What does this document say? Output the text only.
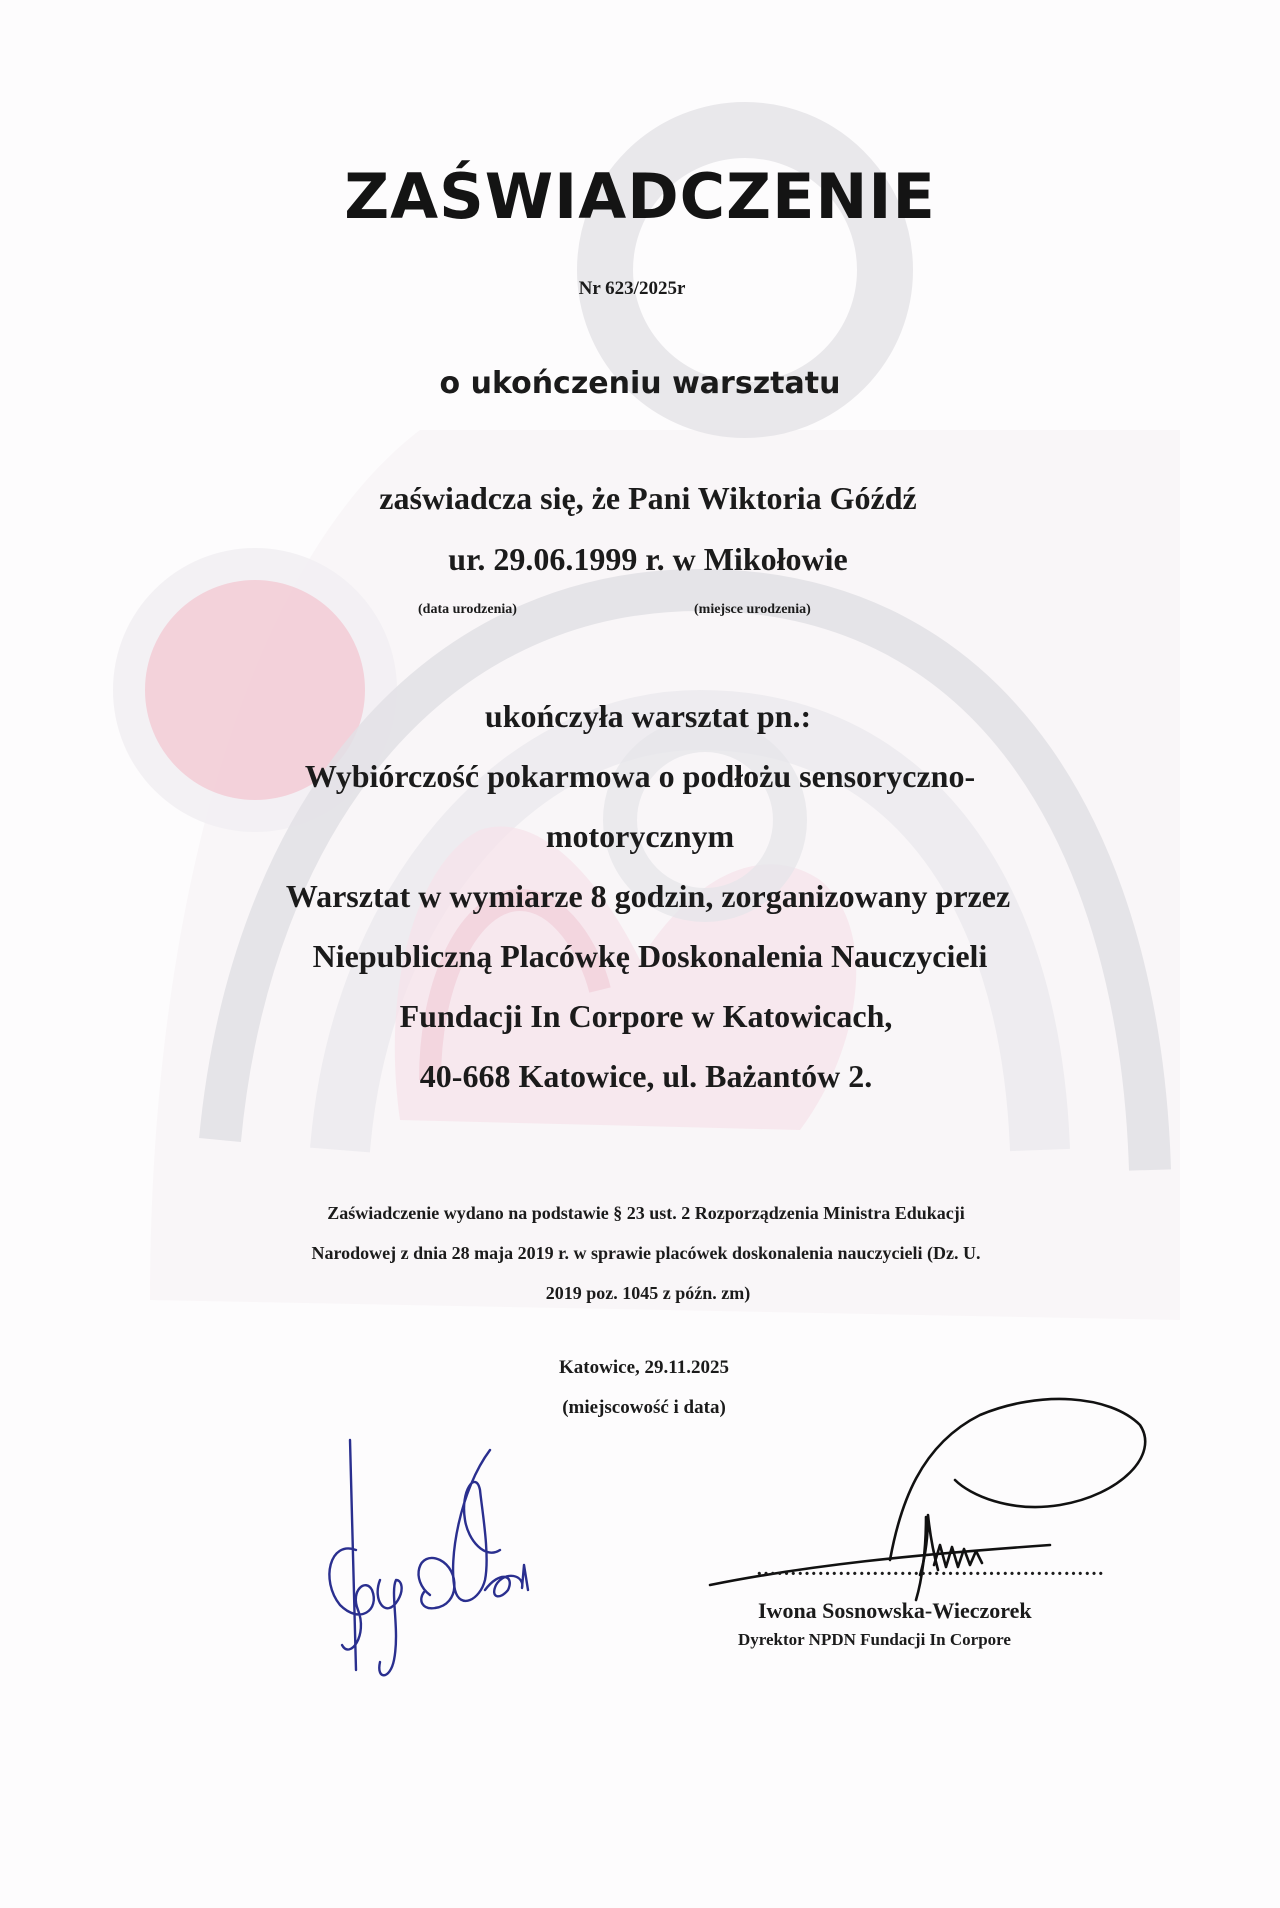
ZAŚWIADCZENIE
Nr 623/2025r
o ukończeniu warsztatu
zaświadcza się, że Pani Wiktoria Góźdź
ur. 29.06.1999 r. w Mikołowie
(data urodzenia)	(miejsce urodzenia)
ukończyła warsztat pn.:
Wybiórczość pokarmowa o podłożu sensoryczno-
motorycznym
Warsztat w wymiarze 8 godzin, zorganizowany przez
Niepubliczną Placówkę Doskonalenia Nauczycieli
Fundacji In Corpore w Katowicach,
40-668 Katowice, ul. Bażantów 2.
Zaświadczenie wydano na podstawie § 23 ust. 2 Rozporządzenia Ministra Edukacji
Narodowej z dnia 28 maja 2019 r. w sprawie placówek doskonalenia nauczycieli (Dz. U.
2019 poz. 1045 z późn. zm)
Katowice, 29.11.2025
(miejscowość i data)
……………………………………………
Iwona Sosnowska-Wieczorek
Dyrektor NPDN Fundacji In Corpore
